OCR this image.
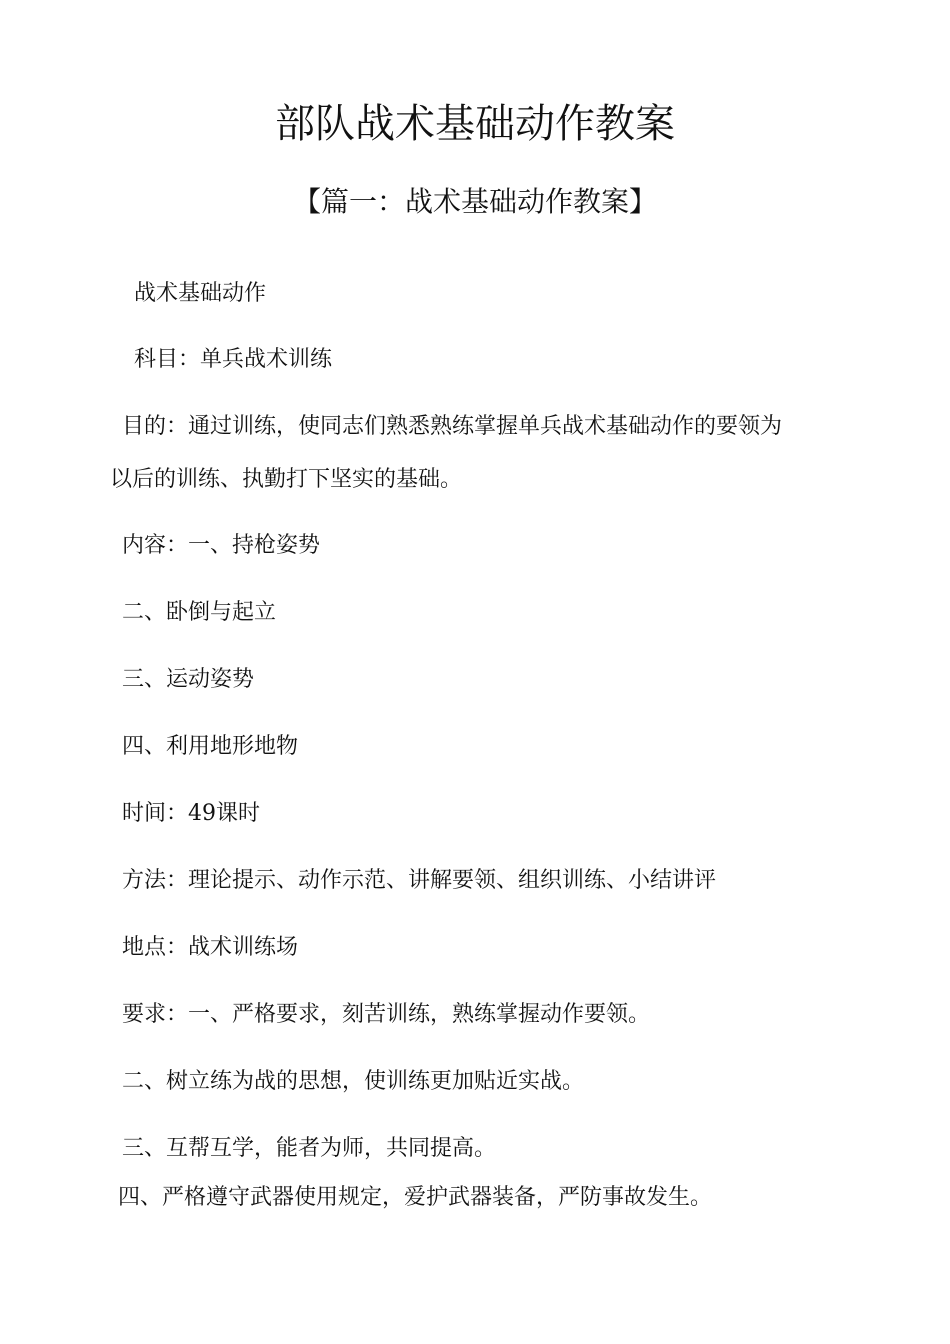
部队战术基础动作教案
【篇一：战术基础动作教案】
战术基础动作
科目：单兵战术训练
目的：通过训练，使同志们熟悉熟练掌握单兵战术基础动作的要领为
以后的训练、执勤打下坚实的基础。
内容：一、持枪姿势
二、卧倒与起立
三、运动姿势
四、利用地形地物
时间：49课时
方法：理论提示、动作示范、讲解要领、组织训练、小结讲评
地点：战术训练场
要求：一、严格要求，刻苦训练，熟练掌握动作要领。
二、树立练为战的思想，使训练更加贴近实战。
三、互帮互学，能者为师，共同提高。
四、严格遵守武器使用规定，爱护武器装备，严防事故发生。
